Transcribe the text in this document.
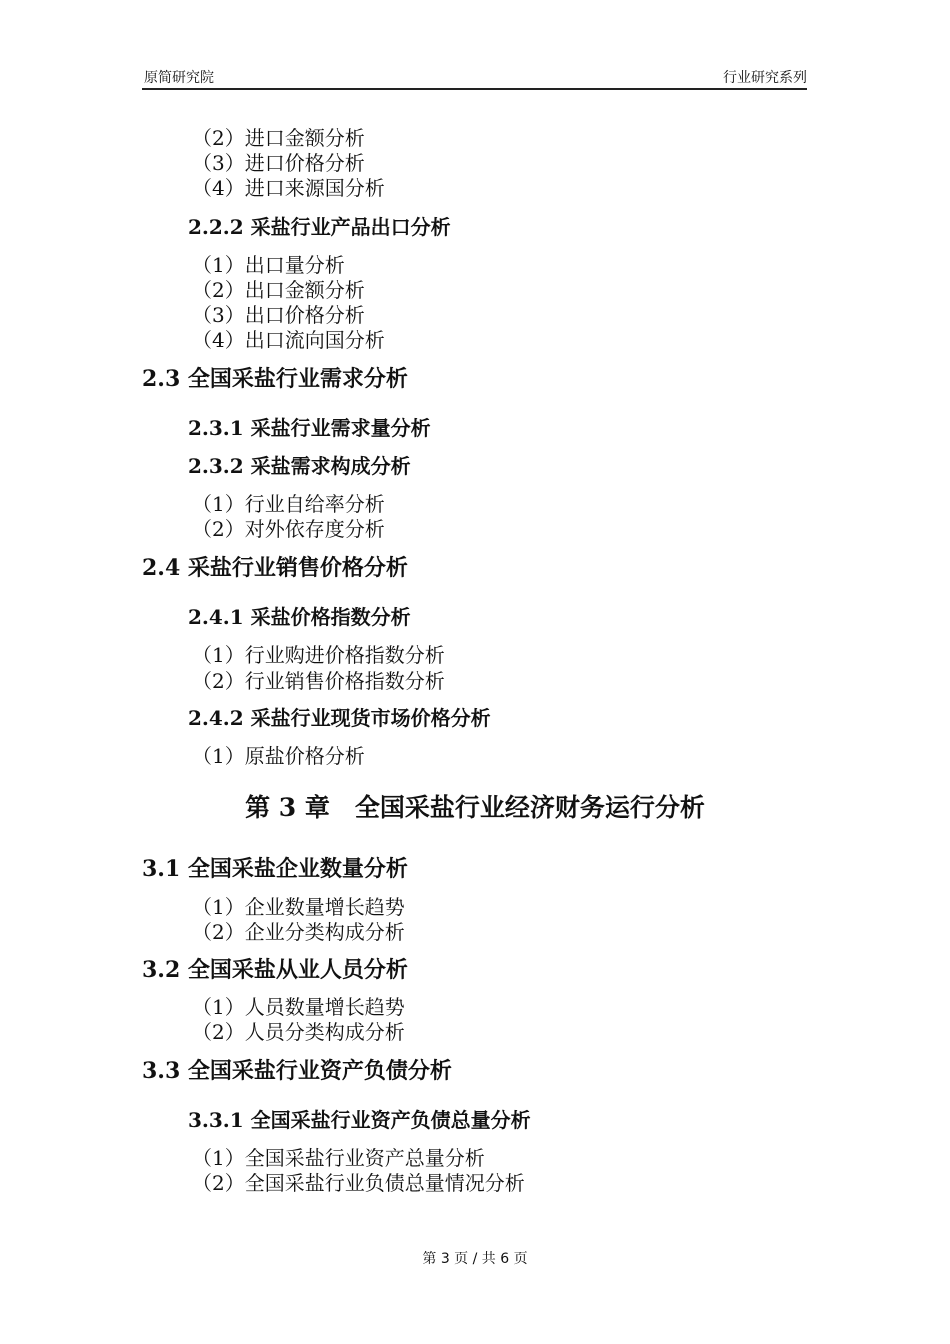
原简研究院	行业研究系列
（2）进口金额分析
（3）进口价格分析
（4）进口来源国分析
2.2.2 采盐行业产品出口分析
（1）出口量分析
（2）出口金额分析
（3）出口价格分析
（4）出口流向国分析
2.3 全国采盐行业需求分析
2.3.1 采盐行业需求量分析
2.3.2 采盐需求构成分析
（1）行业自给率分析
（2）对外依存度分析
2.4 采盐行业销售价格分析
2.4.1 采盐价格指数分析
（1）行业购进价格指数分析
（2）行业销售价格指数分析
2.4.2 采盐行业现货市场价格分析
（1）原盐价格分析
第 3 章　全国采盐行业经济财务运行分析
3.1 全国采盐企业数量分析
（1）企业数量增长趋势
（2）企业分类构成分析
3.2 全国采盐从业人员分析
（1）人员数量增长趋势
（2）人员分类构成分析
3.3 全国采盐行业资产负债分析
3.3.1 全国采盐行业资产负债总量分析
（1）全国采盐行业资产总量分析
（2）全国采盐行业负债总量情况分析
第 3 页 / 共 6 页
